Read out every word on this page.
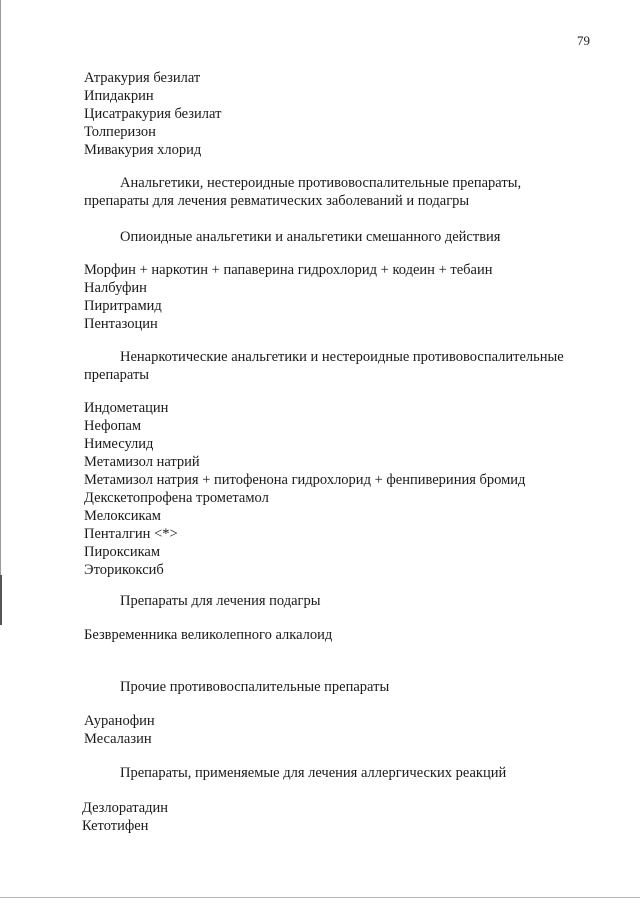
79
Атракурия безилат
Ипидакрин
Цисатракурия безилат
Толперизон
Мивакурия хлорид
Анальгетики, нестероидные противовоспалительные препараты,
препараты для лечения ревматических заболеваний и подагры
Опиоидные анальгетики и анальгетики смешанного действия
Морфин + наркотин + папаверина гидрохлорид + кодеин + тебаин
Налбуфин
Пиритрамид
Пентазоцин
Ненаркотические анальгетики и нестероидные противовоспалительные
препараты
Индометацин
Нефопам
Нимесулид
Метамизол натрий
Метамизол натрия + питофенона гидрохлорид + фенпивериния бромид
Декскетопрофена трометамол
Мелоксикам
Пенталгин <*>
Пироксикам
Эторикоксиб
Препараты для лечения подагры
Безвременника великолепного алкалоид
Прочие противовоспалительные препараты
Ауранофин
Месалазин
Препараты, применяемые для лечения аллергических реакций
Дезлоратадин
Кетотифен
